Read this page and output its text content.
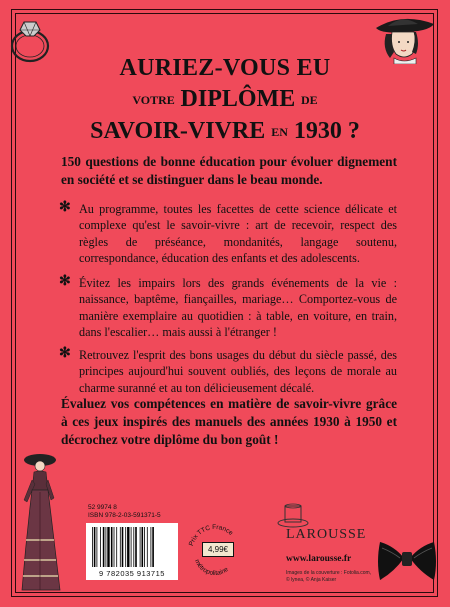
AURIEZ-VOUS EU
VOTRE DIPLÔME DE
SAVOIR-VIVRE EN 1930 ?
150 questions de bonne éducation pour évoluer dignement en société et se distinguer dans le beau monde.
✻ Au programme, toutes les facettes de cette science délicate et complexe qu'est le savoir-vivre : art de recevoir, respect des règles de préséance, mondanités, langage soutenu, correspondance, éducation des enfants et des adolescents.
✻ Évitez les impairs lors des grands événements de la vie : naissance, baptême, fiançailles, mariage… Comportez-vous de manière exemplaire au quotidien : à table, en voiture, en train, dans l'escalier… mais aussi à l'étranger !
✻ Retrouvez l'esprit des bons usages du début du siècle passé, des principes aujourd'hui souvent oubliés, des leçons de morale au charme suranné et au ton délicieusement décalé.
Évaluez vos compétences en matière de savoir-vivre grâce à ces jeux inspirés des manuels des années 1930 à 1950 et décrochez votre diplôme du bon goût !
52 9974 8
ISBN 978-2-03-591371-5
9 782035 913715
Prix TTC France
métropolitaine
4,99€
LAROUSSE
www.larousse.fr
Images de la couverture : Fotolia.com,
© lynea, © Anja Kaiser
